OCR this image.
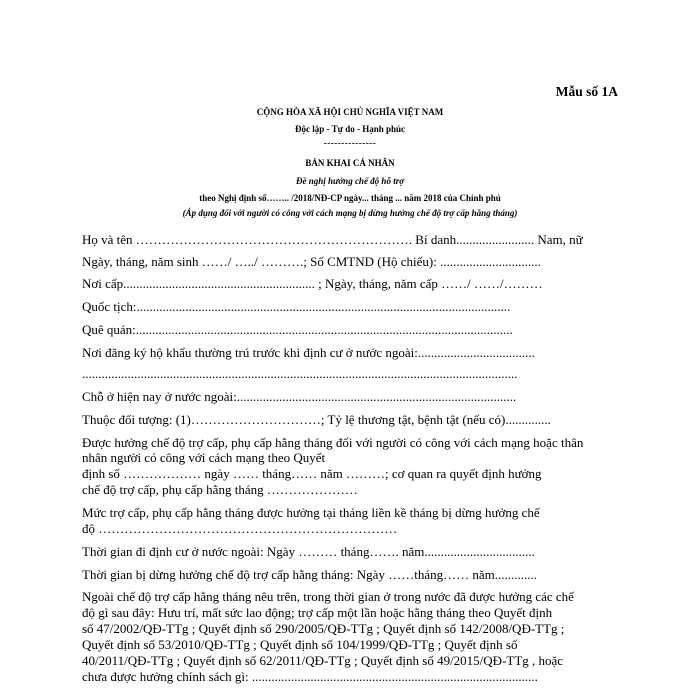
Mẫu số 1A
CỘNG HÒA XÃ HỘI CHỦ NGHĨA VIỆT NAM
Độc lập - Tự do - Hạnh phúc
---------------
BẢN KHAI CÁ NHÂN
Đề nghị hưởng chế độ hỗ trợ
theo Nghị định số…….. /2018/NĐ-CP ngày... tháng ... năm 2018 của Chính phủ
(Áp dụng đối với người có công với cách mạng bị dừng hưởng chế độ trợ cấp hằng tháng)
Họ và tên ………………………………………………………. Bí danh........................ Nam, nữ
Ngày, tháng, năm sinh ……/ …../ ……….; Số CMTND (Hộ chiếu): ...............................
Nơi cấp........................................................... ; Ngày, tháng, năm cấp ……/ ……/………
Quốc tịch:...................................................................................................................
Quê quán:....................................................................................................................
Nơi đăng ký hộ khẩu thường trú trước khi định cư ở nước ngoài:....................................
......................................................................................................................................
Chỗ ở hiện nay ở nước ngoài:......................................................................................
Thuộc đối tượng: (1)…………………………; Tỷ lệ thương tật, bệnh tật (nếu có)..............
Được hưởng chế độ trợ cấp, phụ cấp hằng tháng đối với người có công với cách mạng hoặc thân
nhân người có công với cách mạng theo Quyết
định số ……………… ngày …… tháng…… năm ………; cơ quan ra quyết định hưởng
chế độ trợ cấp, phụ cấp hằng tháng …………………
Mức trợ cấp, phụ cấp hằng tháng được hưởng tại tháng liền kề tháng bị dừng hưởng chế
độ ……………………………………………………………
Thời gian đi định cư ở nước ngoài: Ngày ……… tháng……. năm..................................
Thời gian bị dừng hưởng chế độ trợ cấp hằng tháng: Ngày ……tháng…… năm.............
Ngoài chế độ trợ cấp hằng tháng nêu trên, trong thời gian ở trong nước đã được hưởng các chế
độ gì sau đây: Hưu trí, mất sức lao động; trợ cấp một lần hoặc hằng tháng theo Quyết định
số 47/2002/QĐ-TTg ; Quyết định số 290/2005/QĐ-TTg ; Quyết định số 142/2008/QĐ-TTg ;
Quyết định số 53/2010/QĐ-TTg ; Quyết định số 104/1999/QĐ-TTg ; Quyết định số
40/2011/QĐ-TTg ; Quyết định số 62/2011/QĐ-TTg ; Quyết định số 49/2015/QĐ-TTg , hoặc
chưa được hưởng chính sách gì: ........................................................................................
